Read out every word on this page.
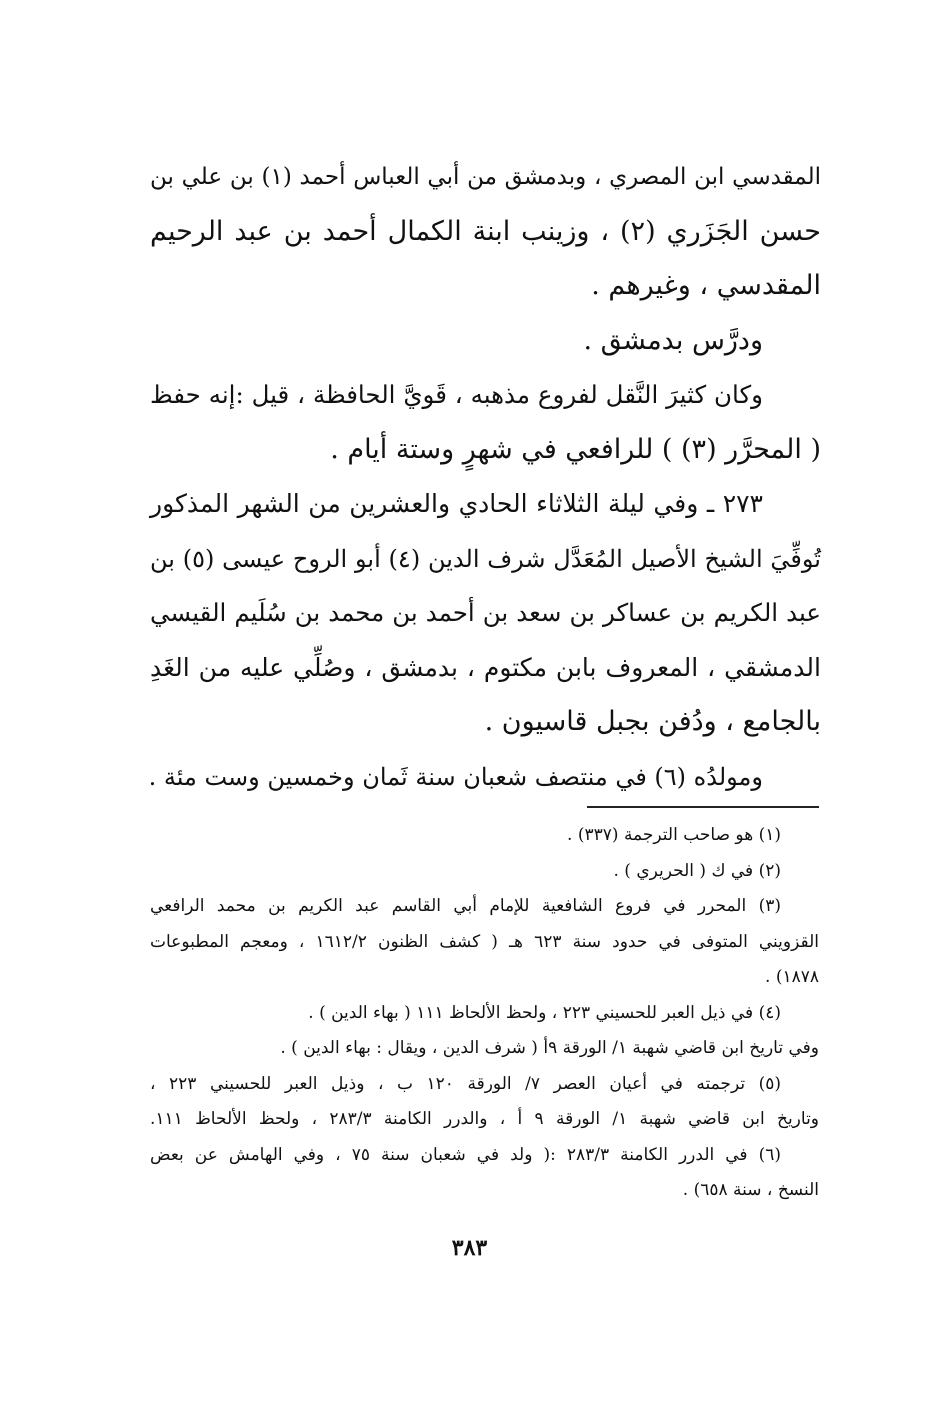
المقدسي ابن المصري ، وبدمشق من أبي العباس أحمد (١) بن علي بن
حسن الجَزَري (٢) ، وزينب ابنة الكمال أحمد بن عبد الرحيم
المقدسي ، وغيرهم .
ودرَّس بدمشق .
وكان كثيرَ النَّقل لفروع مذهبه ، قَويَّ الحافظة ، قيل :إنه حفظ
( المحرَّر (٣) ) للرافعي في شهرٍ وستة أيام .
٢٧٣ ـ وفي ليلة الثلاثاء الحادي والعشرين من الشهر المذكور
تُوفِّيَ الشيخ الأصيل المُعَدَّل شرف الدين (٤) أبو الروح عيسى (٥) بن
عبد الكريم بن عساكر بن سعد بن أحمد بن محمد بن سُلَيم القيسي
الدمشقي ، المعروف بابن مكتوم ، بدمشق ، وصُلِّي عليه من الغَدِ
بالجامع ، ودُفن بجبل قاسيون .
ومولدُه (٦) في منتصف شعبان سنة ثَمان وخمسين وست مئة .
(١) هو صاحب الترجمة (٣٣٧) .
(٢) في ك ( الحريري ) .
(٣) المحرر في فروع الشافعية للإمام أبي القاسم عبد الكريم بن محمد الرافعي
القزويني المتوفى في حدود سنة ٦٢٣ هـ ( كشف الظنون ١٦١٢/٢ ، ومعجم المطبوعات
١٨٧٨) .
(٤) في ذيل العبر للحسيني ٢٢٣ ، ولحظ الألحاظ ١١١ ( بهاء الدين ) .
وفي تاريخ ابن قاضي شهبة ١/ الورقة ٩أ ( شرف الدين ، ويقال : بهاء الدين ) .
(٥) ترجمته في أعيان العصر ٧/ الورقة ١٢٠ ب ، وذيل العبر للحسيني ٢٢٣ ،
وتاريخ ابن قاضي شهبة ١/ الورقة ٩ أ ، والدرر الكامنة ٢٨٣/٣ ، ولحظ الألحاظ ١١١.
(٦) في الدرر الكامنة ٢٨٣/٣ :( ولد في شعبان سنة ٧٥ ، وفي الهامش عن بعض
النسخ ، سنة ٦٥٨) .
٣٨٣
